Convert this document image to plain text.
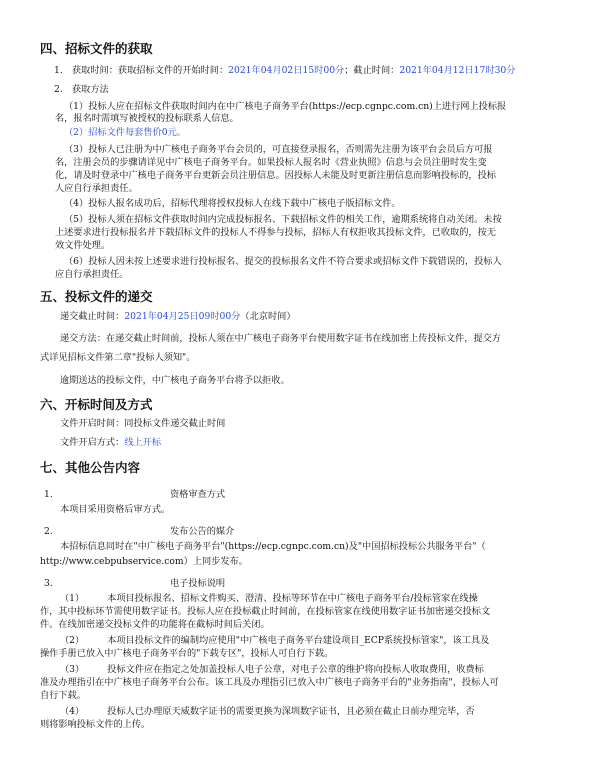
四、招标文件的获取
1.　获取时间：获取招标文件的开始时间：2021年04月02日15时00分；截止时间：2021年04月12日17时30分
2.　获取方法
（1）投标人应在招标文件获取时间内在中广核电子商务平台(https://ecp.cgnpc.com.cn)上进行网上投标报
名，报名时需填写被授权的投标联系人信息。
（2）招标文件每套售价0元。
（3）投标人已注册为中广核电子商务平台会员的，可直接登录报名，否则需先注册为该平台会员后方可报
名，注册会员的步骤请详见中广核电子商务平台。如果投标人报名时《营业执照》信息与会员注册时发生变
化，请及时登录中广核电子商务平台更新会员注册信息。因投标人未能及时更新注册信息而影响投标的，投标
人应自行承担责任。
（4）投标人报名成功后，招标代理将授权投标人在线下载中广核电子版招标文件。
（5）投标人须在招标文件获取时间内完成投标报名、下载招标文件的相关工作，逾期系统将自动关闭。未按
上述要求进行投标报名并下载招标文件的投标人不得参与投标，招标人有权拒收其投标文件，已收取的，按无
效文件处理。
（6）投标人因未按上述要求进行投标报名、提交的投标报名文件不符合要求或招标文件下载错误的，投标人
应自行承担责任。
五、投标文件的递交
递交截止时间：2021年04月25日09时00分（北京时间）
递交方法：在递交截止时间前，投标人须在中广核电子商务平台使用数字证书在线加密上传投标文件，提交方
式详见招标文件第二章"投标人须知"。
逾期送达的投标文件，中广核电子商务平台将予以拒收。
六、开标时间及方式
文件开启时间：同投标文件递交截止时间
文件开启方式：线上开标
七、其他公告内容
1.	资格审查方式
本项目采用资格后审方式。
2.	发布公告的媒介
本招标信息同时在"中广核电子商务平台"(https://ecp.cgnpc.com.cn)及"中国招标投标公共服务平台"（
http://www.cebpubservice.com）上同步发布。
3.	电子投标说明
（1）　　　本项目投标报名、招标文件购买、澄清、投标等环节在中广核电子商务平台/投标管家在线操
作，其中投标环节需使用数字证书。投标人应在投标截止时间前，在投标管家在线使用数字证书加密递交投标文
件。在线加密递交投标文件的功能将在截标时间后关闭。
（2）　　　本项目投标文件的编制均应使用"中广核电子商务平台建设项目_ECP系统投标管家"，该工具及
操作手册已放入中广核电子商务平台的"下载专区"，投标人可自行下载。
（3）　　　投标文件应在指定之处加盖投标人电子公章，对电子公章的维护将向投标人收取费用，收费标
准及办理指引在中广核电子商务平台公布。该工具及办理指引已放入中广核电子商务平台的"业务指南"，投标人可
自行下载。
（4）　　　投标人已办理原天威数字证书的需要更换为深圳数字证书，且必须在截止日前办理完毕，否
则将影响投标文件的上传。
